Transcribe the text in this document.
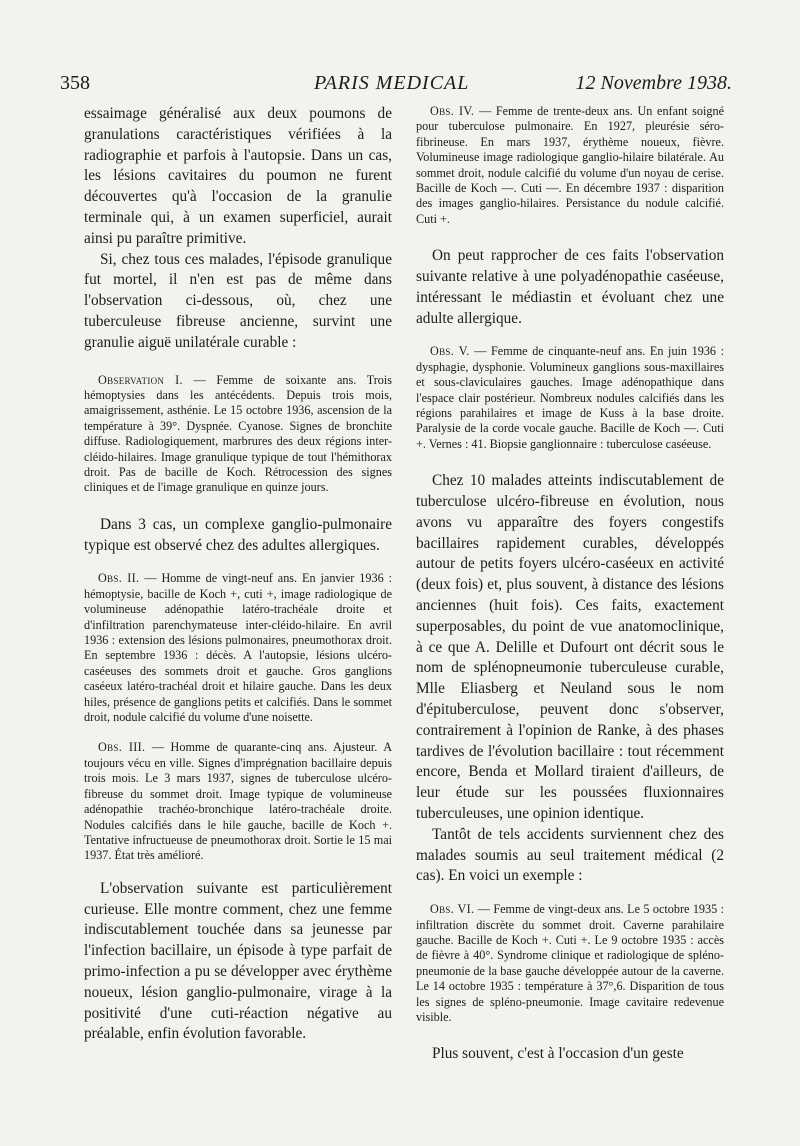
358	PARIS MEDICAL	12 Novembre 1938.

essaimage généralisé aux deux poumons de granulations caractéristiques vérifiées à la radiographie et parfois à l'autopsie. Dans un cas, les lésions cavitaires du poumon ne furent découvertes qu'à l'occasion de la granulie terminale qui, à un examen superficiel, aurait ainsi pu paraître primitive.

Si, chez tous ces malades, l'épisode granulique fut mortel, il n'en est pas de même dans l'observation ci-dessous, où, chez une tuberculeuse fibreuse ancienne, survint une granulie aiguë unilatérale curable :

Observation I. — Femme de soixante ans. Trois hémoptysies dans les antécédents. Depuis trois mois, amaigrissement, asthénie. Le 15 octobre 1936, ascension de la température à 39°. Dyspnée. Cyanose. Signes de bronchite diffuse. Radiologiquement, marbrures des deux régions inter-cléido-hilaires. Image granulique typique de tout l'hémithorax droit. Pas de bacille de Koch. Rétrocession des signes cliniques et de l'image granulique en quinze jours.

Dans 3 cas, un complexe ganglio-pulmonaire typique est observé chez des adultes allergiques.

Obs. II. — Homme de vingt-neuf ans. En janvier 1936 : hémoptysie, bacille de Koch +, cuti +, image radiologique de volumineuse adénopathie latéro-trachéale droite et d'infiltration parenchymateuse inter-cléido-hilaire. En avril 1936 : extension des lésions pulmonaires, pneumothorax droit. En septembre 1936 : décès. A l'autopsie, lésions ulcéro-caséeuses des sommets droit et gauche. Gros ganglions caséeux latéro-trachéal droit et hilaire gauche. Dans les deux hiles, présence de ganglions petits et calcifiés. Dans le sommet droit, nodule calcifié du volume d'une noisette.

Obs. III. — Homme de quarante-cinq ans. Ajusteur. A toujours vécu en ville. Signes d'imprégnation bacillaire depuis trois mois. Le 3 mars 1937, signes de tuberculose ulcéro-fibreuse du sommet droit. Image typique de volumineuse adénopathie trachéo-bronchique latéro-trachéale droite. Nodules calcifiés dans le hile gauche, bacille de Koch +. Tentative infructueuse de pneumothorax droit. Sortie le 15 mai 1937. État très amélioré.

L'observation suivante est particulièrement curieuse. Elle montre comment, chez une femme indiscutablement touchée dans sa jeunesse par l'infection bacillaire, un épisode à type parfait de primo-infection a pu se développer avec érythème noueux, lésion ganglio-pulmonaire, virage à la positivité d'une cuti-réaction négative au préalable, enfin évolution favorable.

Obs. IV. — Femme de trente-deux ans. Un enfant soigné pour tuberculose pulmonaire. En 1927, pleurésie séro-fibrineuse. En mars 1937, érythème noueux, fièvre. Volumineuse image radiologique ganglio-hilaire bilatérale. Au sommet droit, nodule calcifié du volume d'un noyau de cerise. Bacille de Koch —. Cuti —. En décembre 1937 : disparition des images ganglio-hilaires. Persistance du nodule calcifié. Cuti +.

On peut rapprocher de ces faits l'observation suivante relative à une polyadénopathie caséeuse, intéressant le médiastin et évoluant chez une adulte allergique.

Obs. V. — Femme de cinquante-neuf ans. En juin 1936 : dysphagie, dysphonie. Volumineux ganglions sous-maxillaires et sous-claviculaires gauches. Image adénopathique dans l'espace clair postérieur. Nombreux nodules calcifiés dans les régions parahilaires et image de Kuss à la base droite. Paralysie de la corde vocale gauche. Bacille de Koch —. Cuti +. Vernes : 41. Biopsie ganglionnaire : tuberculose caséeuse.

Chez 10 malades atteints indiscutablement de tuberculose ulcéro-fibreuse en évolution, nous avons vu apparaître des foyers congestifs bacillaires rapidement curables, développés autour de petits foyers ulcéro-caséeux en activité (deux fois) et, plus souvent, à distance des lésions anciennes (huit fois). Ces faits, exactement superposables, du point de vue anatomoclinique, à ce que A. Delille et Dufourt ont décrit sous le nom de splénopneumonie tuberculeuse curable, Mlle Eliasberg et Neuland sous le nom d'épituberculose, peuvent donc s'observer, contrairement à l'opinion de Ranke, à des phases tardives de l'évolution bacillaire : tout récemment encore, Benda et Mollard tiraient d'ailleurs, de leur étude sur les poussées fluxionnaires tuberculeuses, une opinion identique.

Tantôt de tels accidents surviennent chez des malades soumis au seul traitement médical (2 cas). En voici un exemple :

Obs. VI. — Femme de vingt-deux ans. Le 5 octobre 1935 : infiltration discrète du sommet droit. Caverne parahilaire gauche. Bacille de Koch +. Cuti +. Le 9 octobre 1935 : accès de fièvre à 40°. Syndrome clinique et radiologique de spléno-pneumonie de la base gauche développée autour de la caverne. Le 14 octobre 1935 : température à 37°,6. Disparition de tous les signes de spléno-pneumonie. Image cavitaire redevenue visible.

Plus souvent, c'est à l'occasion d'un geste
